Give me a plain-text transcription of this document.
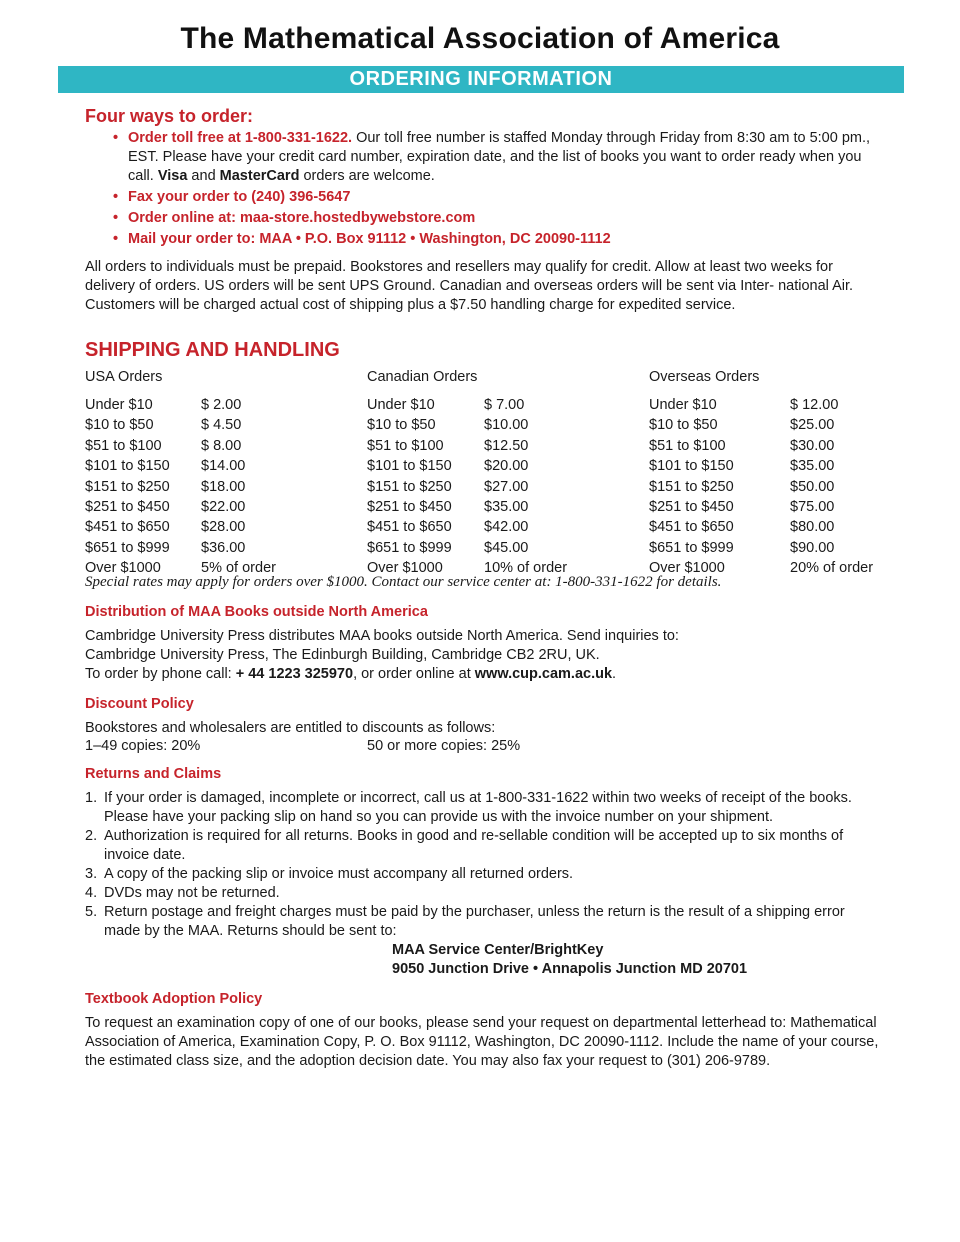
The Mathematical Association of America
ORDERING INFORMATION
Four ways to order:
• Order toll free at 1-800-331-1622. Our toll free number is staffed Monday through Friday from 8:30 am to 5:00 pm., EST. Please have your credit card number, expiration date, and the list of books you want to order ready when you call. Visa and MasterCard orders are welcome.
• Fax your order to (240) 396-5647
• Order online at: maa-store.hostedbywebstore.com
• Mail your order to: MAA • P.O. Box 91112 • Washington, DC 20090-1112

All orders to individuals must be prepaid. Bookstores and resellers may qualify for credit. Allow at least two weeks for delivery of orders. US orders will be sent UPS Ground. Canadian and overseas orders will be sent via Inter- national Air. Customers will be charged actual cost of shipping plus a $7.50 handling charge for expedited service.

SHIPPING AND HANDLING
USA Orders
Under $10	$ 2.00
$10 to $50	$ 4.50
$51 to $100	$ 8.00
$101 to $150	$14.00
$151 to $250	$18.00
$251 to $450	$22.00
$451 to $650	$28.00
$651 to $999	$36.00
Over $1000	5% of order
Canadian Orders
Under $10	$ 7.00
$10 to $50	$10.00
$51 to $100	$12.50
$101 to $150	$20.00
$151 to $250	$27.00
$251 to $450	$35.00
$451 to $650	$42.00
$651 to $999	$45.00
Over $1000	10% of order
Overseas Orders
Under $10	$ 12.00
$10 to $50	$25.00
$51 to $100	$30.00
$101 to $150	$35.00
$151 to $250	$50.00
$251 to $450	$75.00
$451 to $650	$80.00
$651 to $999	$90.00
Over $1000	20% of order

Special rates may apply for orders over $1000. Contact our service center at: 1-800-331-1622 for details.

Distribution of MAA Books outside North America

Cambridge University Press distributes MAA books outside North America. Send inquiries to:

Cambridge University Press, The Edinburgh Building, Cambridge CB2 2RU, UK.

To order by phone call: + 44 1223 325970, or order online at www.cup.cam.ac.uk.

Discount Policy

Bookstores and wholesalers are entitled to discounts as follows:

1–49 copies: 20%	50 or more copies: 25%
Returns and Claims
1. If your order is damaged, incomplete or incorrect, call us at 1-800-331-1622 within two weeks of receipt of the books. Please have your packing slip on hand so you can provide us with the invoice number on your shipment.
2. Authorization is required for all returns. Books in good and re-sellable condition will be accepted up to six months of invoice date.
3. A copy of the packing slip or invoice must accompany all returned orders.
4. DVDs may not be returned.
5. Return postage and freight charges must be paid by the purchaser, unless the return is the result of a shipping error made by the MAA. Returns should be sent to:
MAA Service Center/BrightKey
9050 Junction Drive • Annapolis Junction MD 20701
Textbook Adoption Policy

To request an examination copy of one of our books, please send your request on departmental letterhead to: Mathematical Association of America, Examination Copy, P. O. Box 91112, Washington, DC 20090-1112. Include the name of your course, the estimated class size, and the adoption decision date. You may also fax your request to (301) 206-9789.
